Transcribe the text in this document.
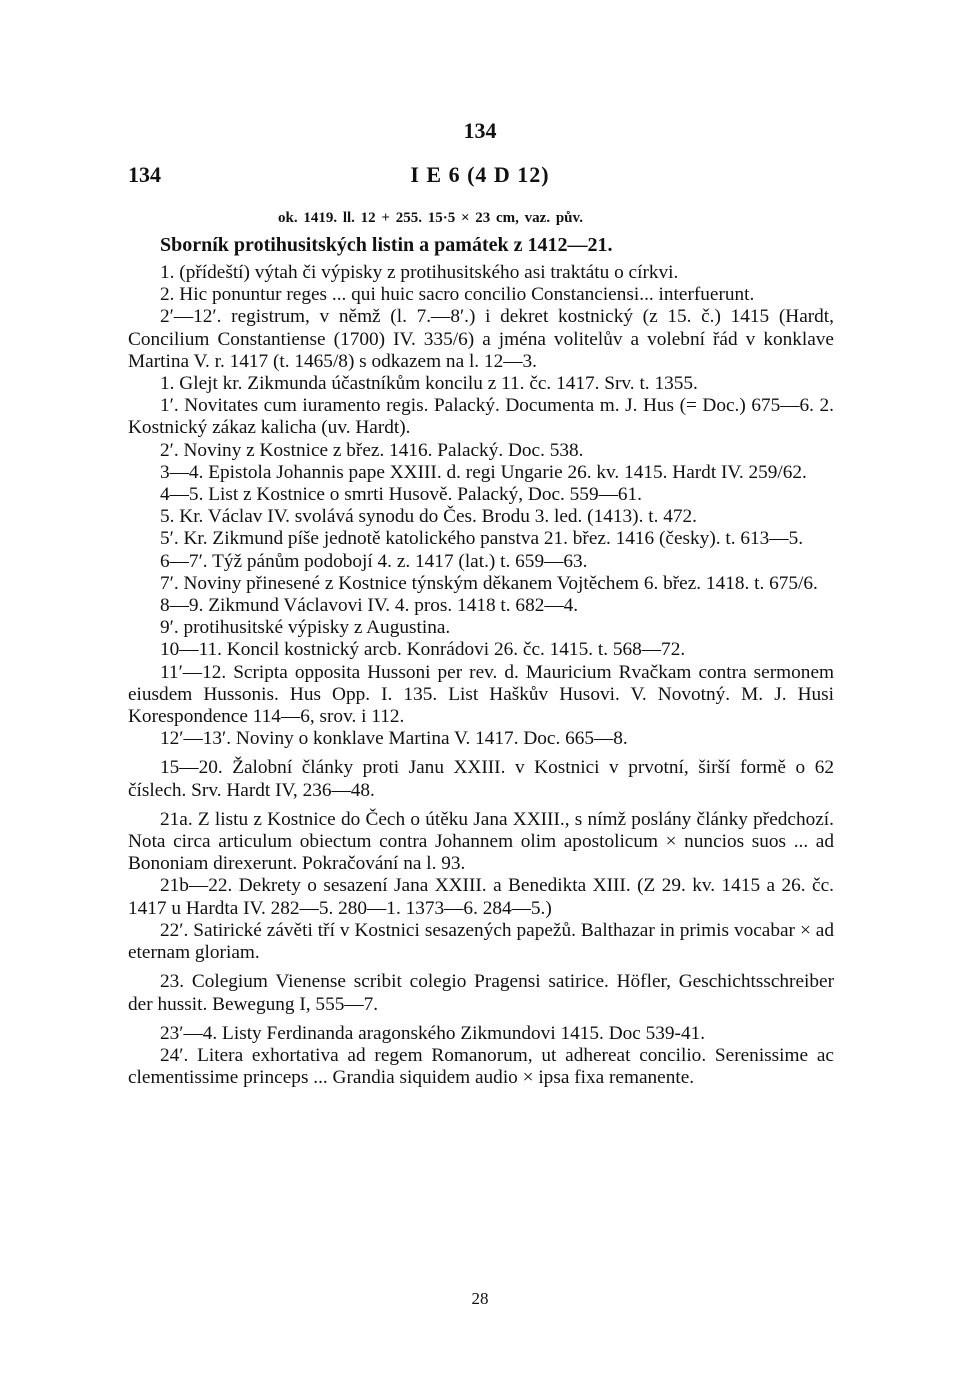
134
134	I E 6 (4 D 12)
ok. 1419. ll. 12 + 255. 15·5 × 23 cm, vaz. pův.
Sborník protihusitských listin a památek z 1412—21.

1. (přídeští) výtah či výpisky z protihusitského asi traktátu o církvi.

2. Hic ponuntur reges ... qui huic sacro concilio Constanciensi... interfuerunt.

2′—12′. registrum, v němž (l. 7.—8′.) i dekret kostnický (z 15. č.) 1415 (Hardt, Concilium Constantiense (1700) IV. 335/6) a jména volitelův a volební řád v konklave Martina V. r. 1417 (t. 1465/8) s odkazem na l. 12—3.

1. Glejt kr. Zikmunda účastníkům koncilu z 11. čc. 1417. Srv. t. 1355.

1′. Novitates cum iuramento regis. Palacký. Documenta m. J. Hus (= Doc.) 675—6. 2. Kostnický zákaz kalicha (uv. Hardt).

2′. Noviny z Kostnice z břez. 1416. Palacký. Doc. 538.

3—4. Epistola Johannis pape XXIII. d. regi Ungarie 26. kv. 1415. Hardt IV. 259/62.

4—5. List z Kostnice o smrti Husově. Palacký, Doc. 559—61.

5. Kr. Václav IV. svolává synodu do Čes. Brodu 3. led. (1413). t. 472.

5′. Kr. Zikmund píše jednotě katolického panstva 21. břez. 1416 (česky). t. 613—5.

6—7′. Týž pánům podobojí 4. z. 1417 (lat.) t. 659—63.

7′. Noviny přinesené z Kostnice týnským děkanem Vojtěchem 6. břez. 1418. t. 675/6.

8—9. Zikmund Václavovi IV. 4. pros. 1418 t. 682—4.

9′. protihusitské výpisky z Augustina.

10—11. Koncil kostnický arcb. Konrádovi 26. čc. 1415. t. 568—72.

11′—12. Scripta opposita Hussoni per rev. d. Mauricium Rvačkam contra sermonem eiusdem Hussonis. Hus Opp. I. 135. List Haškův Husovi. V. Novotný. M. J. Husi Korespondence 114—6, srov. i 112.

12′—13′. Noviny o konklave Martina V. 1417. Doc. 665—8.

15—20. Žalobní články proti Janu XXIII. v Kostnici v prvotní, širší formě o 62 číslech. Srv. Hardt IV, 236—48.

21a. Z listu z Kostnice do Čech o útěku Jana XXIII., s nímž poslány články předchozí. Nota circa articulum obiectum contra Johannem olim apostolicum × nuncios suos ... ad Bononiam direxerunt. Pokračování na l. 93.

21b—22. Dekrety o sesazení Jana XXIII. a Benedikta XIII. (Z 29. kv. 1415 a 26. čc. 1417 u Hardta IV. 282—5. 280—1. 1373—6. 284—5.)

22′. Satirické závěti tří v Kostnici sesazených papežů. Balthazar in primis vocabar × ad eternam gloriam.

23. Colegium Vienense scribit colegio Pragensi satirice. Höfler, Geschichtsschreiber der hussit. Bewegung I, 555—7.

23′—4. Listy Ferdinanda aragonského Zikmundovi 1415. Doc 539-41.

24′. Litera exhortativa ad regem Romanorum, ut adhereat concilio. Serenissime ac clementissime princeps ... Grandia siquidem audio × ipsa fixa remanente.

28
